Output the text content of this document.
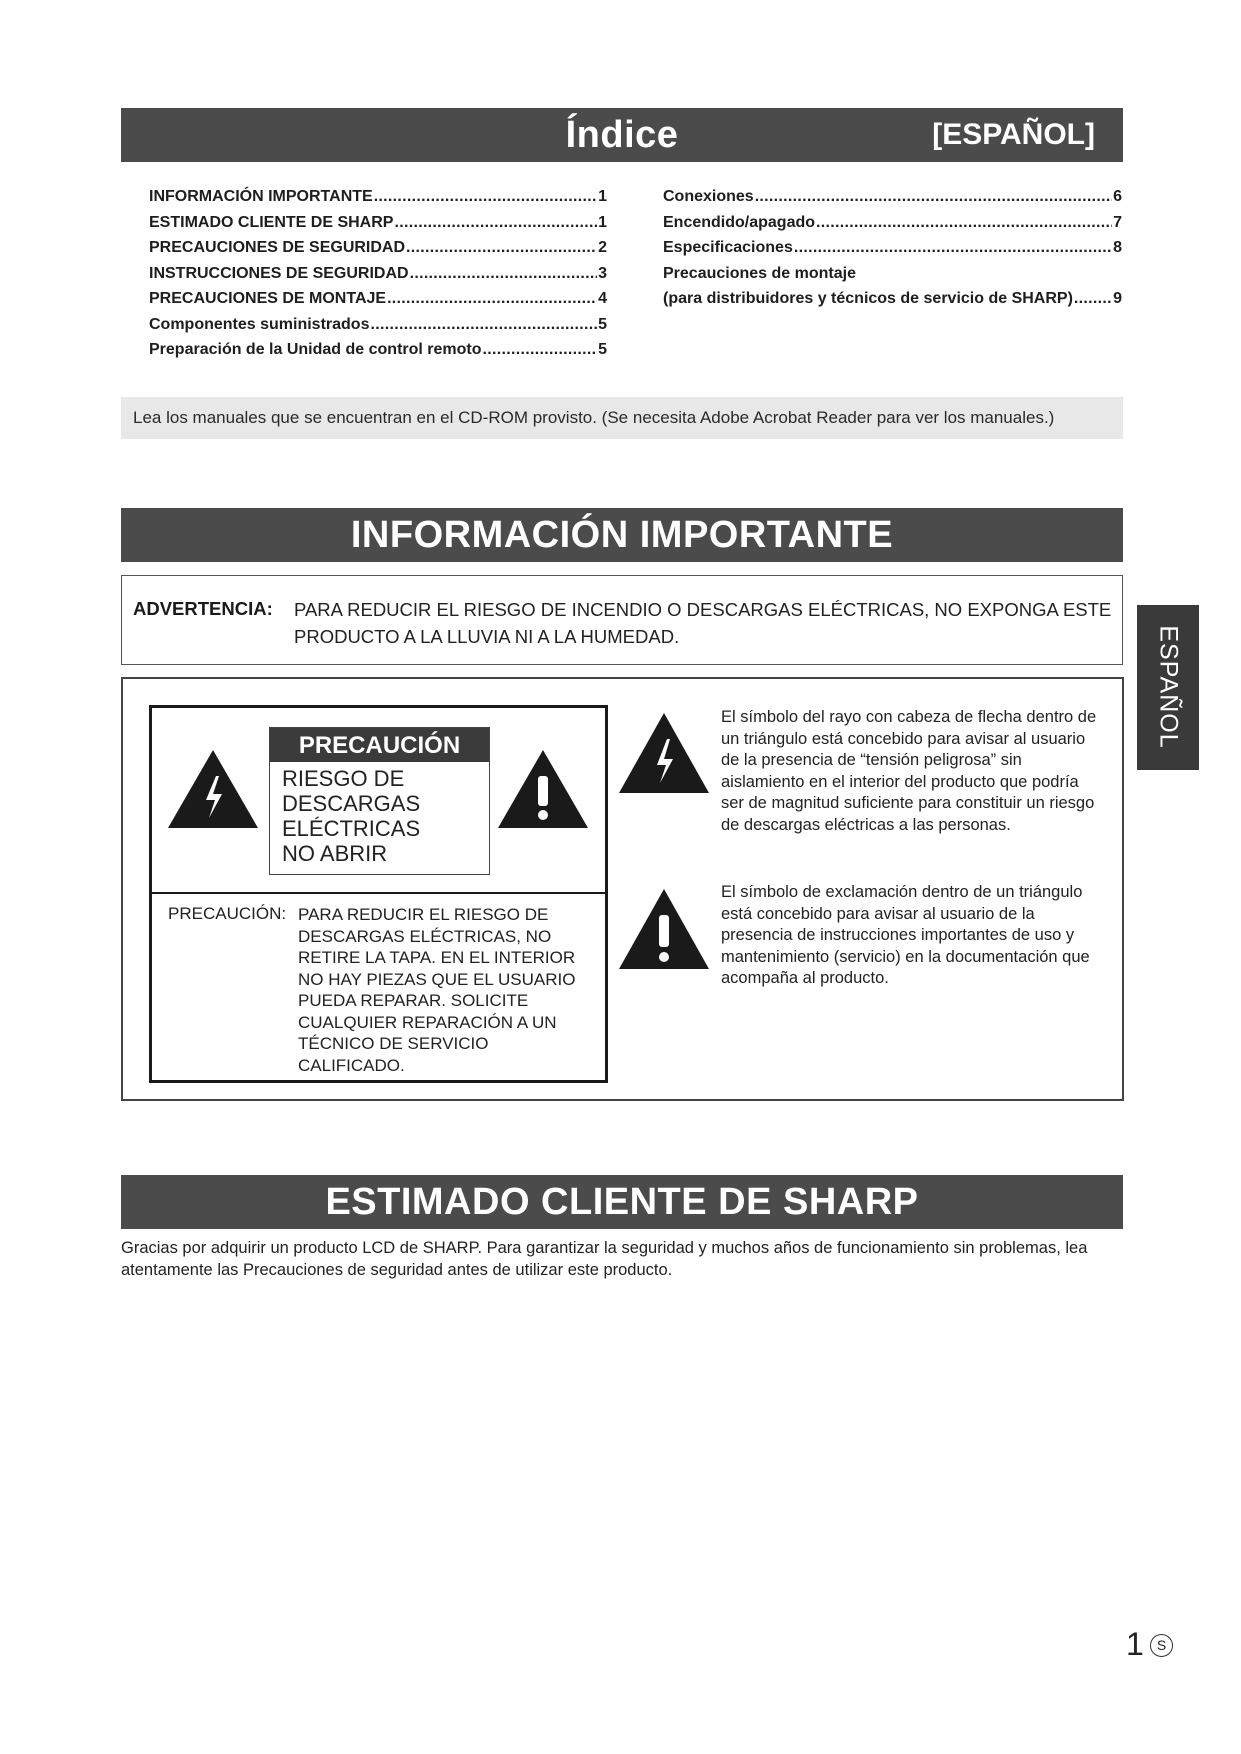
Índice	[ESPAÑOL]
INFORMACIÓN IMPORTANTE .....	1
ESTIMADO CLIENTE DE SHARP .....	1
PRECAUCIONES DE SEGURIDAD .....	2
INSTRUCCIONES DE SEGURIDAD .....	3
PRECAUCIONES DE MONTAJE .....	4
Componentes suministrados .....	5
Preparación de la Unidad de control remoto .....	5
Conexiones .....	6
Encendido/apagado .....	7
Especificaciones .....	8
Precauciones de montaje
(para distribuidores y técnicos de servicio de SHARP) .....	9
Lea los manuales que se encuentran en el CD-ROM provisto. (Se necesita Adobe Acrobat Reader para ver los manuales.)
INFORMACIÓN IMPORTANTE
ADVERTENCIA: PARA REDUCIR EL RIESGO DE INCENDIO O DESCARGAS ELÉCTRICAS, NO EXPONGA ESTE PRODUCTO A LA LLUVIA NI A LA HUMEDAD.
PRECAUCIÓN
RIESGO DE
DESCARGAS
ELÉCTRICAS
NO ABRIR
PRECAUCIÓN: PARA REDUCIR EL RIESGO DE DESCARGAS ELÉCTRICAS, NO RETIRE LA TAPA. EN EL INTERIOR NO HAY PIEZAS QUE EL USUARIO PUEDA REPARAR. SOLICITE CUALQUIER REPARACIÓN A UN TÉCNICO DE SERVICIO CALIFICADO.
El símbolo del rayo con cabeza de flecha dentro de un triángulo está concebido para avisar al usuario de la presencia de “tensión peligrosa” sin aislamiento en el interior del producto que podría ser de magnitud suficiente para constituir un riesgo de descargas eléctricas a las personas.
El símbolo de exclamación dentro de un triángulo está concebido para avisar al usuario de la presencia de instrucciones importantes de uso y mantenimiento (servicio) en la documentación que acompaña al producto.
ESTIMADO CLIENTE DE SHARP
Gracias por adquirir un producto LCD de SHARP. Para garantizar la seguridad y muchos años de funcionamiento sin problemas, lea atentamente las Precauciones de seguridad antes de utilizar este producto.
ESPAÑOL
1 S
